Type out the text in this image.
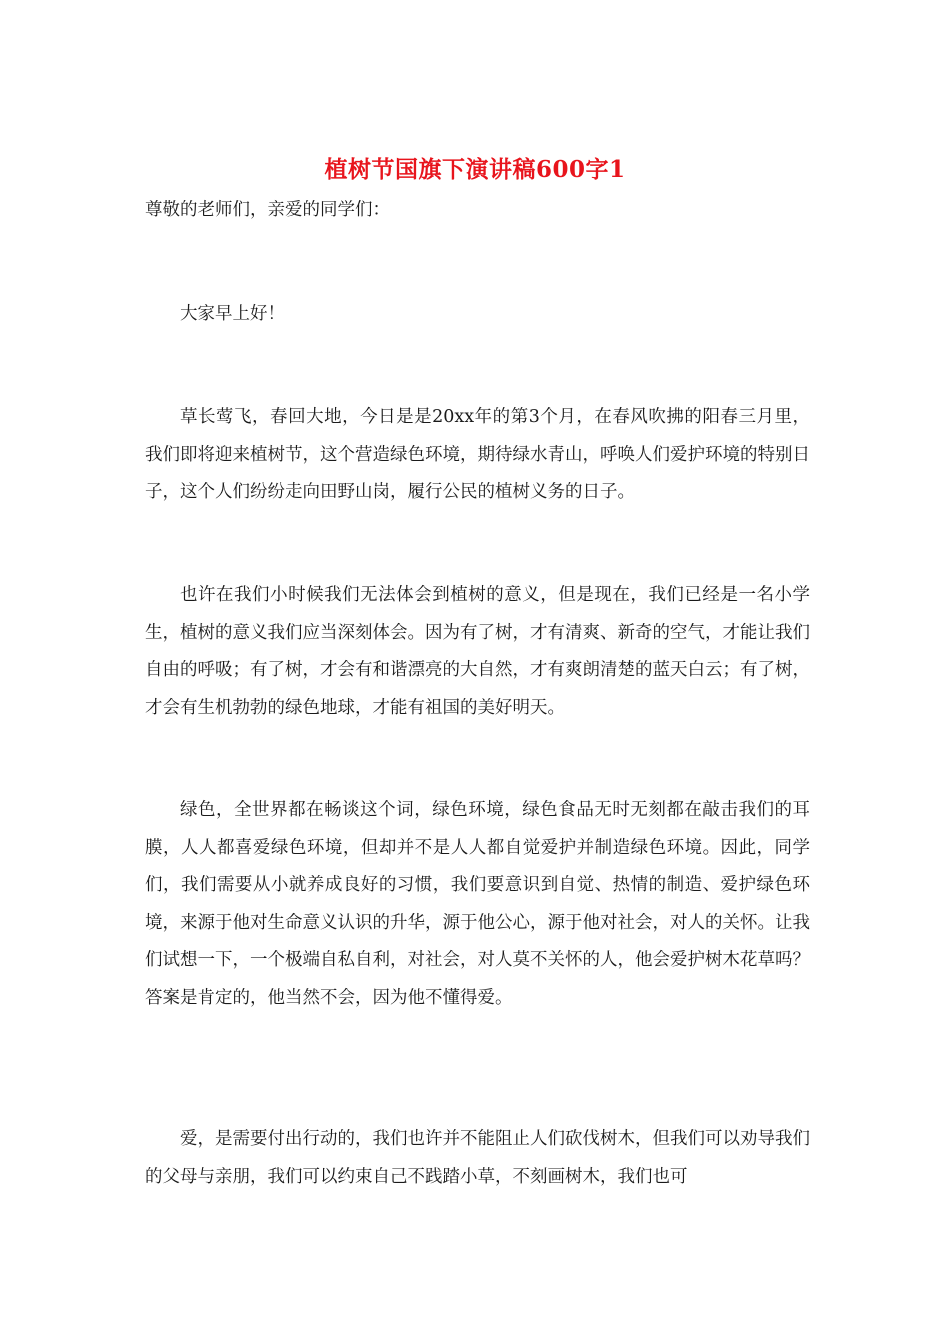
植树节国旗下演讲稿600字1

尊敬的老师们，亲爱的同学们：

大家早上好！

草长莺飞，春回大地，今日是是20xx年的第3个月，在春风吹拂的阳春三月里，我们即将迎来植树节，这个营造绿色环境，期待绿水青山，呼唤人们爱护环境的特别日子，这个人们纷纷走向田野山岗，履行公民的植树义务的日子。

也许在我们小时候我们无法体会到植树的意义，但是现在，我们已经是一名小学生，植树的意义我们应当深刻体会。因为有了树，才有清爽、新奇的空气，才能让我们自由的呼吸；有了树，才会有和谐漂亮的大自然，才有爽朗清楚的蓝天白云；有了树，才会有生机勃勃的绿色地球，才能有祖国的美好明天。

绿色，全世界都在畅谈这个词，绿色环境，绿色食品无时无刻都在敲击我们的耳膜，人人都喜爱绿色环境，但却并不是人人都自觉爱护并制造绿色环境。因此，同学们，我们需要从小就养成良好的习惯，我们要意识到自觉、热情的制造、爱护绿色环境，来源于他对生命意义认识的升华，源于他公心，源于他对社会，对人的关怀。让我们试想一下，一个极端自私自利，对社会，对人莫不关怀的人，他会爱护树木花草吗？答案是肯定的，他当然不会，因为他不懂得爱。

爱，是需要付出行动的，我们也许并不能阻止人们砍伐树木，但我们可以劝导我们的父母与亲朋，我们可以约束自己不践踏小草，不刻画树木，我们也可
